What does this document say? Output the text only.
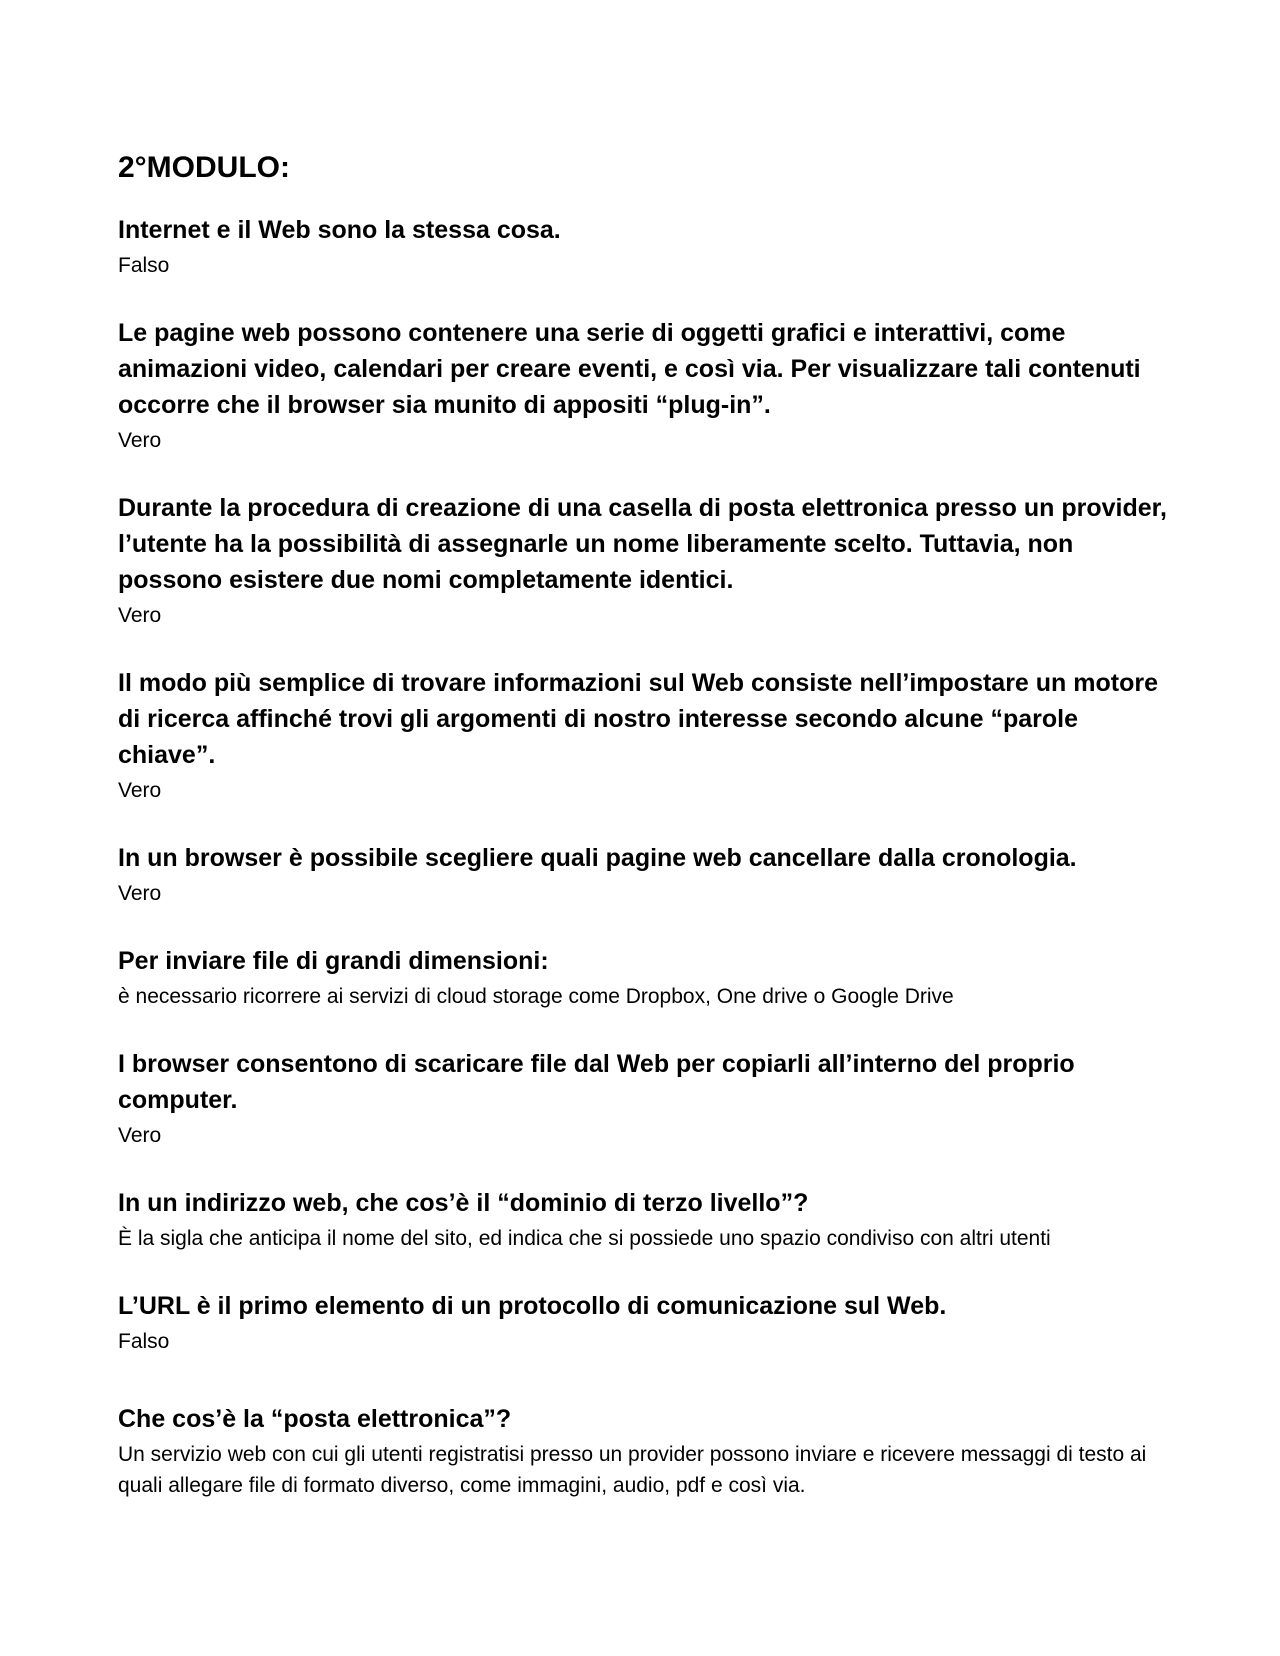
2°MODULO:

Internet e il Web sono la stessa cosa.

Falso

Le pagine web possono contenere una serie di oggetti grafici e interattivi, come animazioni video, calendari per creare eventi, e così via. Per visualizzare tali contenuti occorre che il browser sia munito di appositi “plug-in”.

Vero

Durante la procedura di creazione di una casella di posta elettronica presso un provider, l’utente ha la possibilità di assegnarle un nome liberamente scelto. Tuttavia, non possono esistere due nomi completamente identici.

Vero

Il modo più semplice di trovare informazioni sul Web consiste nell’impostare un motore di ricerca affinché trovi gli argomenti di nostro interesse secondo alcune “parole chiave”.

Vero

In un browser è possibile scegliere quali pagine web cancellare dalla cronologia.

Vero

Per inviare file di grandi dimensioni:

è necessario ricorrere ai servizi di cloud storage come Dropbox, One drive o Google Drive

I browser consentono di scaricare file dal Web per copiarli all’interno del proprio computer.

Vero

In un indirizzo web, che cos’è il “dominio di terzo livello”?

È la sigla che anticipa il nome del sito, ed indica che si possiede uno spazio condiviso con altri utenti

L’URL è il primo elemento di un protocollo di comunicazione sul Web.

Falso

Che cos’è la “posta elettronica”?

Un servizio web con cui gli utenti registratisi presso un provider possono inviare e ricevere messaggi di testo ai quali allegare file di formato diverso, come immagini, audio, pdf e così via.
